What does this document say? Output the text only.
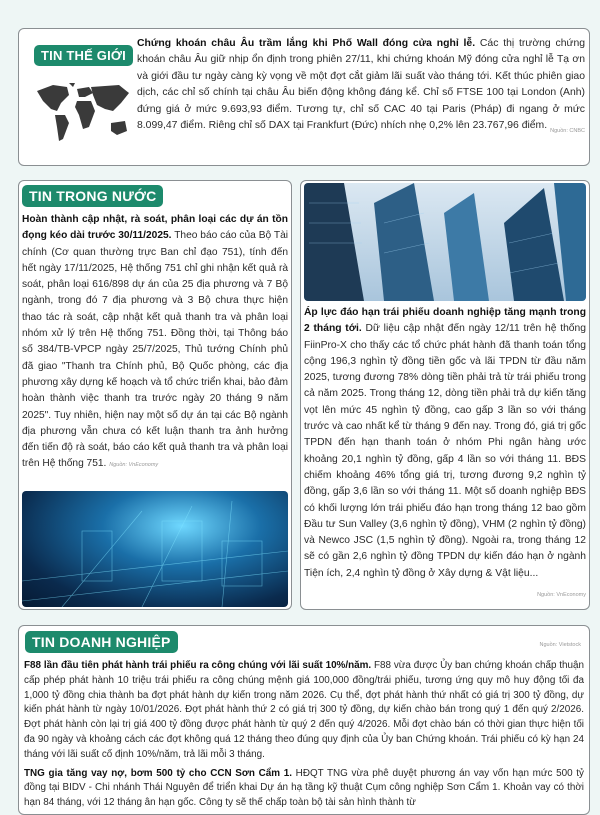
TIN THẾ GIỚI
Chứng khoán châu Âu trầm lắng khi Phố Wall đóng cửa nghỉ lễ. Các thị trường chứng khoán châu Âu giữ nhịp ổn định trong phiên 27/11, khi chứng khoán Mỹ đóng cửa nghỉ lễ Tạ ơn và giới đầu tư ngày càng kỳ vọng về một đợt cắt giảm lãi suất vào tháng tới. Kết thúc phiên giao dịch, các chỉ số chính tại châu Âu biến động không đáng kể. Chỉ số FTSE 100 tại London (Anh) đứng giá ở mức 9.693,93 điểm. Tương tự, chỉ số CAC 40 tại Paris (Pháp) đi ngang ở mức 8.099,47 điểm. Riêng chỉ số DAX tại Frankfurt (Đức) nhích nhẹ 0,2% lên 23.767,96 điểm. Nguồn: CNBC
TIN TRONG NƯỚC
Hoàn thành cập nhật, rà soát, phân loại các dự án tồn đọng kéo dài trước 30/11/2025. Theo báo cáo của Bộ Tài chính (Cơ quan thường trực Ban chỉ đạo 751), tính đến hết ngày 17/11/2025, Hệ thống 751 chỉ ghi nhận kết quả rà soát, phân loại 616/898 dự án của 25 địa phương và 7 Bộ ngành, trong đó 7 địa phương và 3 Bộ chưa thực hiện thao tác rà soát, cập nhật kết quả thanh tra và phân loại nhóm xử lý trên Hệ thống 751. Đồng thời, tại Thông báo số 384/TB-VPCP ngày 25/7/2025, Thủ tướng Chính phủ đã giao "Thanh tra Chính phủ, Bộ Quốc phòng, các địa phương xây dựng kế hoạch và tổ chức triển khai, bảo đảm hoàn thành việc thanh tra trước ngày 20 tháng 9 năm 2025". Tuy nhiên, hiện nay một số dự án tại các Bộ ngành địa phương vẫn chưa có kết luận thanh tra ảnh hưởng đến tiến độ rà soát, báo cáo kết quả thanh tra và phân loại trên Hệ thống 751. Nguồn: VnEconomy
Áp lực đáo hạn trái phiếu doanh nghiệp tăng mạnh trong 2 tháng tới. Dữ liệu cập nhật đến ngày 12/11 trên hệ thống FiinPro-X cho thấy các tổ chức phát hành đã thanh toán tổng cộng 196,3 nghìn tỷ đồng tiền gốc và lãi TPDN từ đầu năm 2025, tương đương 78% dòng tiền phải trả từ trái phiếu trong cả năm 2025. Trong tháng 12, dòng tiền phải trả dự kiến tăng vọt lên mức 45 nghìn tỷ đồng, cao gấp 3 lần so với tháng trước và cao nhất kể từ tháng 9 đến nay. Trong đó, giá trị gốc TPDN đến hạn thanh toán ở nhóm Phi ngân hàng ước khoảng 20,1 nghìn tỷ đồng, gấp 4 lần so với tháng 11. BĐS chiếm khoảng 46% tổng giá trị, tương đương 9,2 nghìn tỷ đồng, gấp 3,6 lần so với tháng 11. Một số doanh nghiệp BĐS có khối lượng lớn trái phiếu đáo hạn trong tháng 12 bao gồm Đầu tư Sun Valley (3,6 nghìn tỷ đồng), VHM (2 nghìn tỷ đồng) và Newco JSC (1,5 nghìn tỷ đồng). Ngoài ra, trong tháng 12 sẽ có gần 2,6 nghìn tỷ đồng TPDN dự kiến đáo hạn ở ngành Tiện ích, 2,4 nghìn tỷ đồng ở Xây dựng & Vật liệu...
Nguồn: VnEconomy
TIN DOANH NGHIỆP	Nguồn: Vietstock

F88 lần đầu tiên phát hành trái phiếu ra công chúng với lãi suất 10%/năm. F88 vừa được Ủy ban chứng khoán chấp thuận cấp phép phát hành 10 triệu trái phiếu ra công chúng mệnh giá 100,000 đồng/trái phiếu, tương ứng quy mô huy động tối đa 1,000 tỷ đồng chia thành ba đợt phát hành dự kiến trong năm 2026. Cụ thể, đợt phát hành thứ nhất có giá trị 300 tỷ đồng, dự kiến phát hành từ ngày 10/01/2026. Đợt phát hành thứ 2 có giá trị 300 tỷ đồng, dự kiến chào bán trong quý 1 đến quý 2/2026. Đợt phát hành còn lại trị giá 400 tỷ đồng được phát hành từ quý 2 đến quý 4/2026. Mỗi đợt chào bán có thời gian thực hiện tối đa 90 ngày và khoảng cách các đợt không quá 12 tháng theo đúng quy định của Ủy ban Chứng khoán. Trái phiếu có kỳ hạn 24 tháng với lãi suất cố định 10%/năm, trả lãi mỗi 3 tháng.

TNG gia tăng vay nợ, bơm 500 tỷ cho CCN Sơn Cẩm 1. HĐQT TNG vừa phê duyệt phương án vay vốn hạn mức 500 tỷ đồng tại BIDV - Chi nhánh Thái Nguyên để triển khai Dự án hạ tầng kỹ thuật Cụm công nghiệp Sơn Cẩm 1. Khoản vay có thời hạn 84 tháng, với 12 tháng ân hạn gốc. Công ty sẽ thế chấp toàn bộ tài sản hình thành từ
